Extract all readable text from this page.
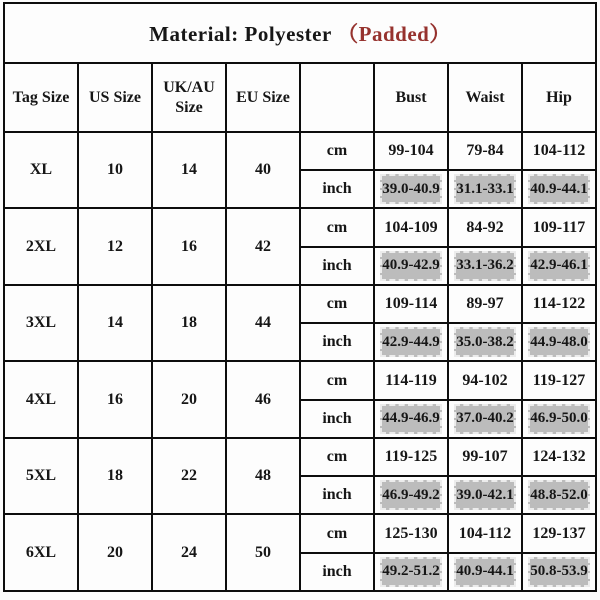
Material: Polyester （Padded）							
Tag Size	US Size	UK/AU Size	EU Size		Bust	Waist	Hip
XL	10	14	40	cm	99-104	79-84	104-112
				inch	39.0-40.9	31.1-33.1	40.9-44.1

2XL	12	16	42	cm	104-109	84-92	109-117
				inch	40.9-42.9	33.1-36.2	42.9-46.1

3XL	14	18	44	cm	109-114	89-97	114-122
				inch	42.9-44.9	35.0-38.2	44.9-48.0

4XL	16	20	46	cm	114-119	94-102	119-127
				inch	44.9-46.9	37.0-40.2	46.9-50.0

5XL	18	22	48	cm	119-125	99-107	124-132
				inch	46.9-49.2	39.0-42.1	48.8-52.0

6XL	20	24	50	cm	125-130	104-112	129-137
				inch	49.2-51.2	40.9-44.1	50.8-53.9
